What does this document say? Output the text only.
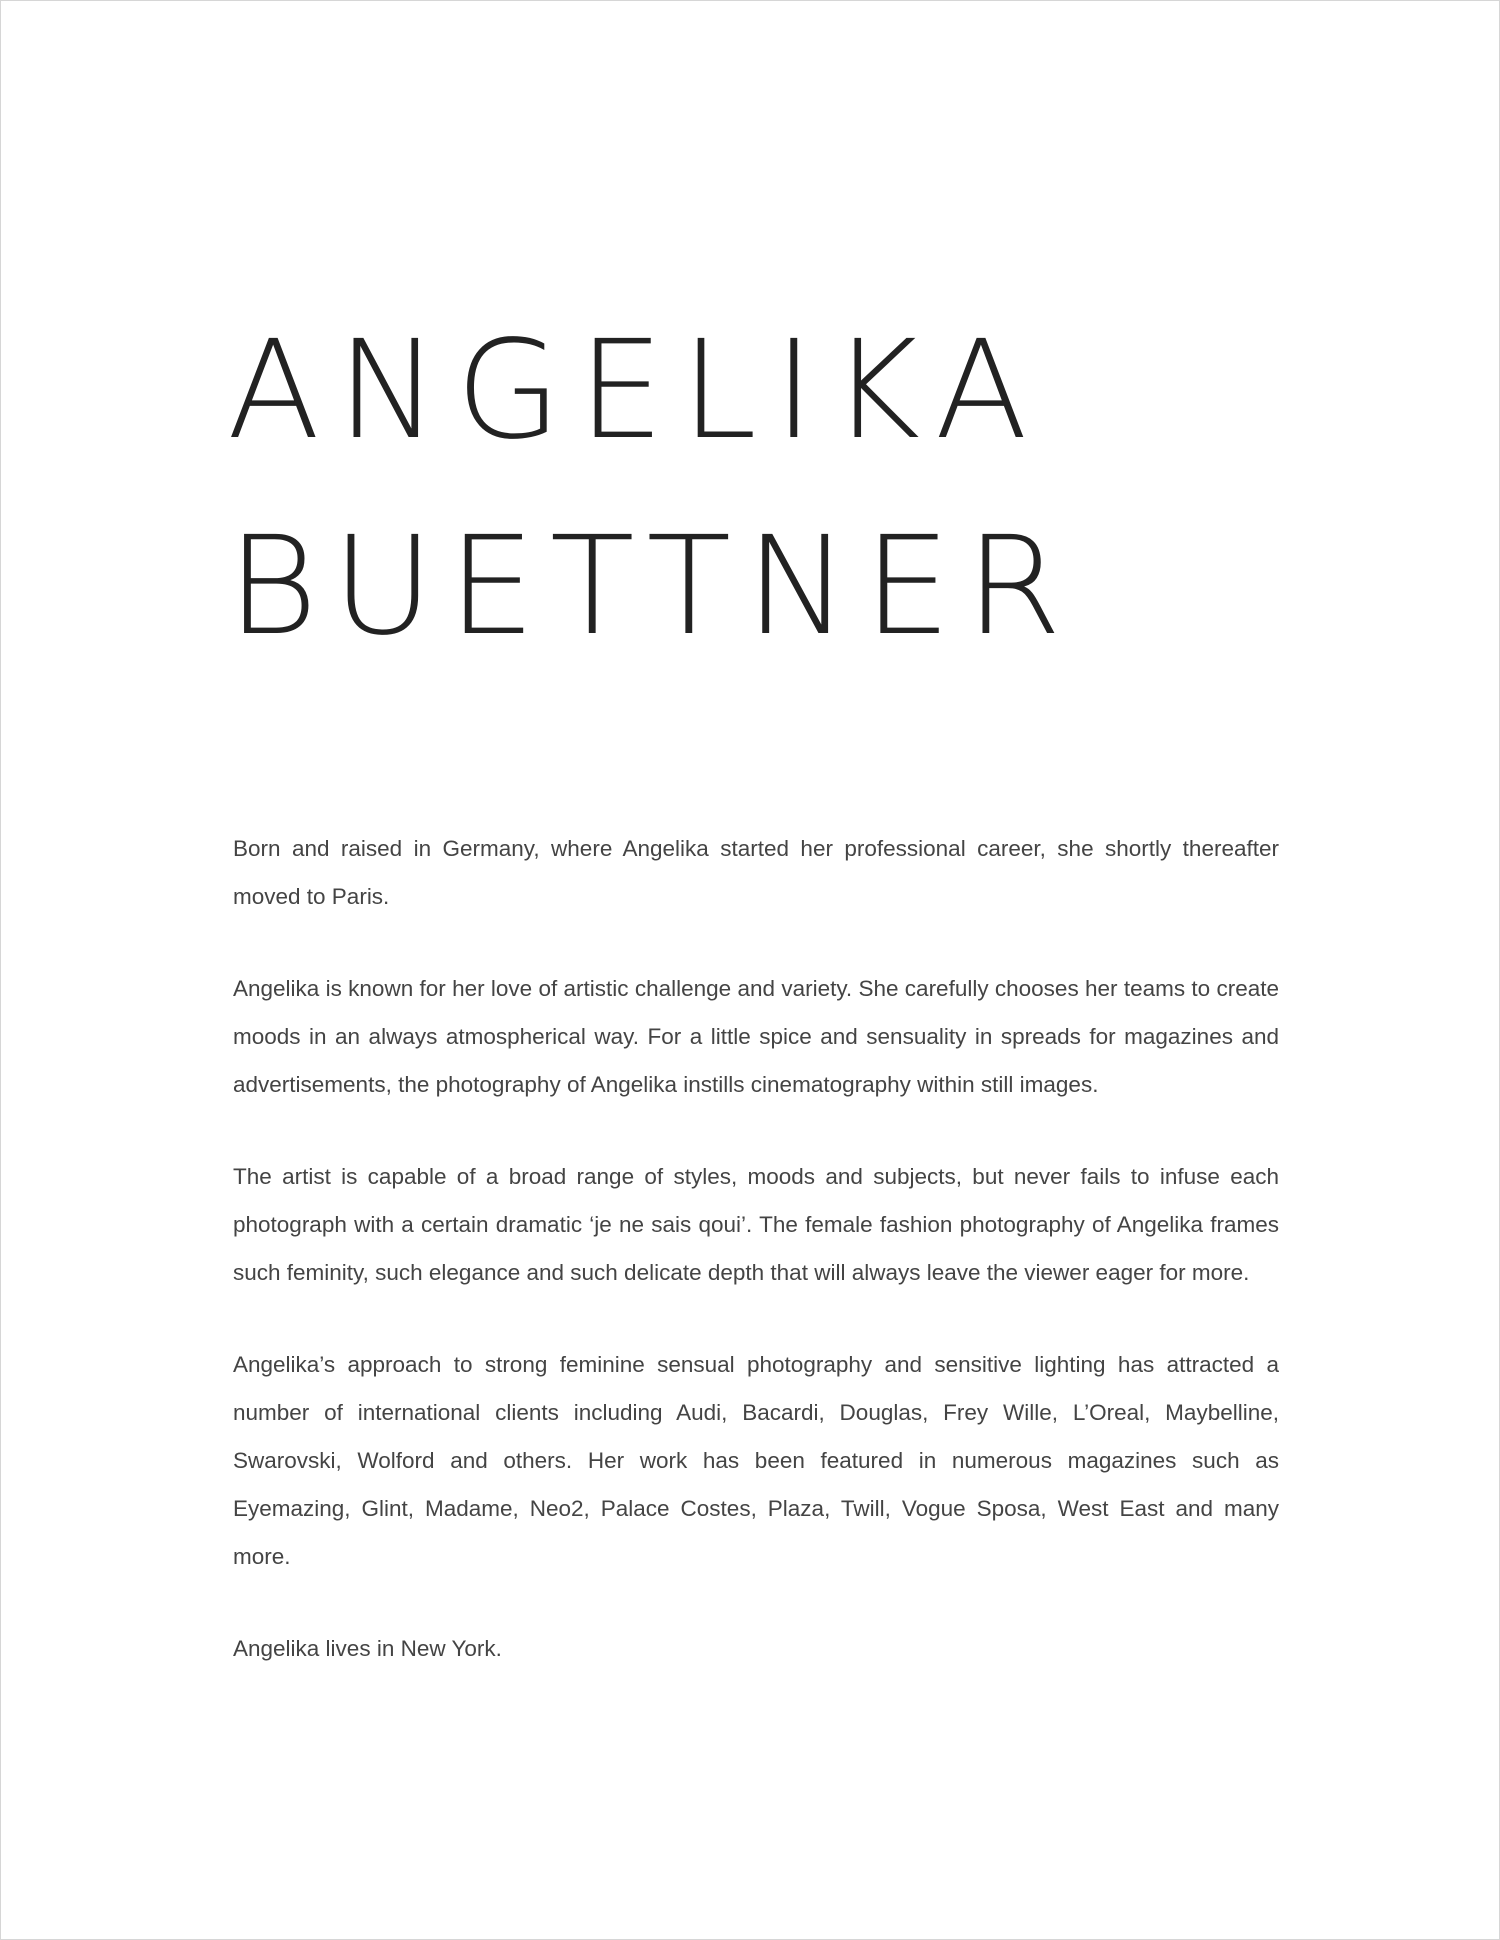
ANGELIKA
BUETTNER

Born and raised in Germany, where Angelika started her professional career, she shortly thereafter moved to Paris.

Angelika is known for her love of artistic challenge and variety. She carefully chooses her teams to create moods in an always atmospherical way. For a little spice and sensuality in spreads for magazines and advertisements, the photography of Angelika instills cinematography within still images.

The artist is capable of a broad range of styles, moods and subjects, but never fails to infuse each photograph with a certain dramatic ‘je ne sais qoui’. The female fashion photography of Angelika frames such feminity, such elegance and such delicate depth that will always leave the viewer eager for more.

Angelika’s approach to strong feminine sensual photography and sensitive lighting has attracted a number of international clients including Audi, Bacardi, Douglas, Frey Wille, L’Oreal, Maybelline, Swarovski, Wolford and others. Her work has been featured in numerous magazines such as Eyemazing, Glint, Madame, Neo2, Palace Costes, Plaza, Twill, Vogue Sposa, West East and many more.

Angelika lives in New York.
